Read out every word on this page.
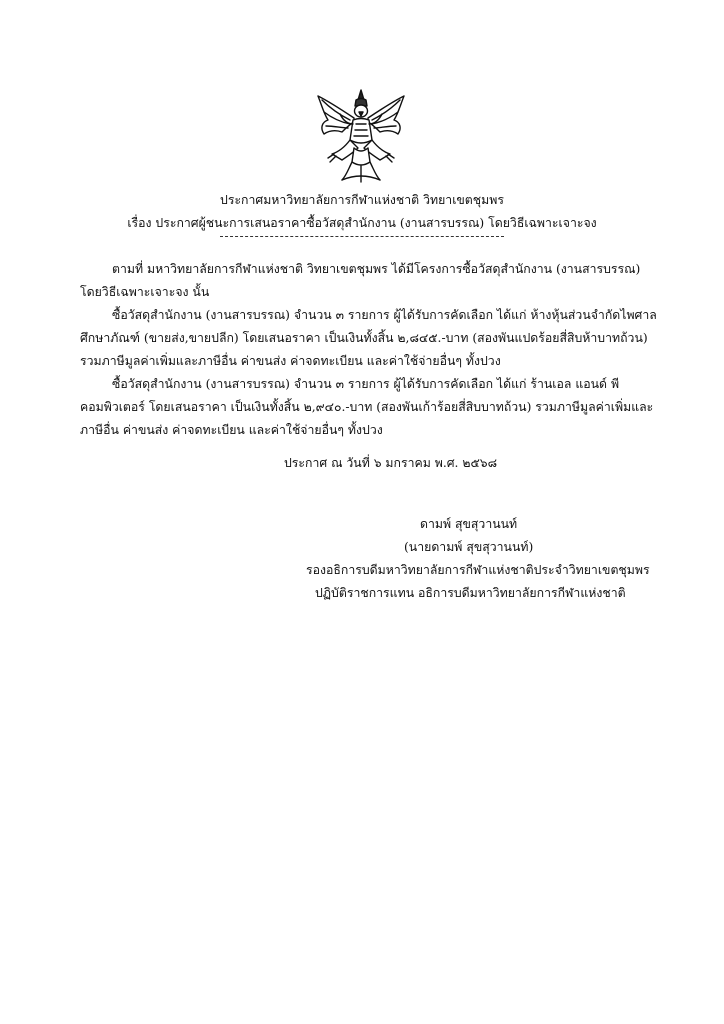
ประกาศมหาวิทยาลัยการกีฬาแห่งชาติ วิทยาเขตชุมพร
เรื่อง ประกาศผู้ชนะการเสนอราคาซื้อวัสดุสำนักงาน (งานสารบรรณ) โดยวิธีเฉพาะเจาะจง
ตามที่ มหาวิทยาลัยการกีฬาแห่งชาติ วิทยาเขตชุมพร ได้มีโครงการซื้อวัสดุสำนักงาน (งานสารบรรณ)
โดยวิธีเฉพาะเจาะจง นั้น
ซื้อวัสดุสำนักงาน (งานสารบรรณ) จำนวน ๓ รายการ ผู้ได้รับการคัดเลือก ได้แก่ ห้างหุ้นส่วนจำกัดไพศาล
ศึกษาภัณฑ์ (ขายส่ง,ขายปลีก) โดยเสนอราคา เป็นเงินทั้งสิ้น ๒,๘๔๕.-บาท (สองพันแปดร้อยสี่สิบห้าบาทถ้วน)
รวมภาษีมูลค่าเพิ่มและภาษีอื่น ค่าขนส่ง ค่าจดทะเบียน และค่าใช้จ่ายอื่นๆ ทั้งปวง
ซื้อวัสดุสำนักงาน (งานสารบรรณ) จำนวน ๓ รายการ ผู้ได้รับการคัดเลือก ได้แก่ ร้านเอล แอนด์ พี
คอมพิวเตอร์ โดยเสนอราคา เป็นเงินทั้งสิ้น ๒,๙๔๐.-บาท (สองพันเก้าร้อยสี่สิบบาทถ้วน) รวมภาษีมูลค่าเพิ่มและ
ภาษีอื่น ค่าขนส่ง ค่าจดทะเบียน และค่าใช้จ่ายอื่นๆ ทั้งปวง
ประกาศ ณ วันที่ ๖ มกราคม พ.ศ. ๒๕๖๘
ดามพ์ สุขสุวานนท์
(นายดามพ์ สุขสุวานนท์)
รองอธิการบดีมหาวิทยาลัยการกีฬาแห่งชาติประจำวิทยาเขตชุมพร
ปฏิบัติราชการแทน อธิการบดีมหาวิทยาลัยการกีฬาแห่งชาติ
